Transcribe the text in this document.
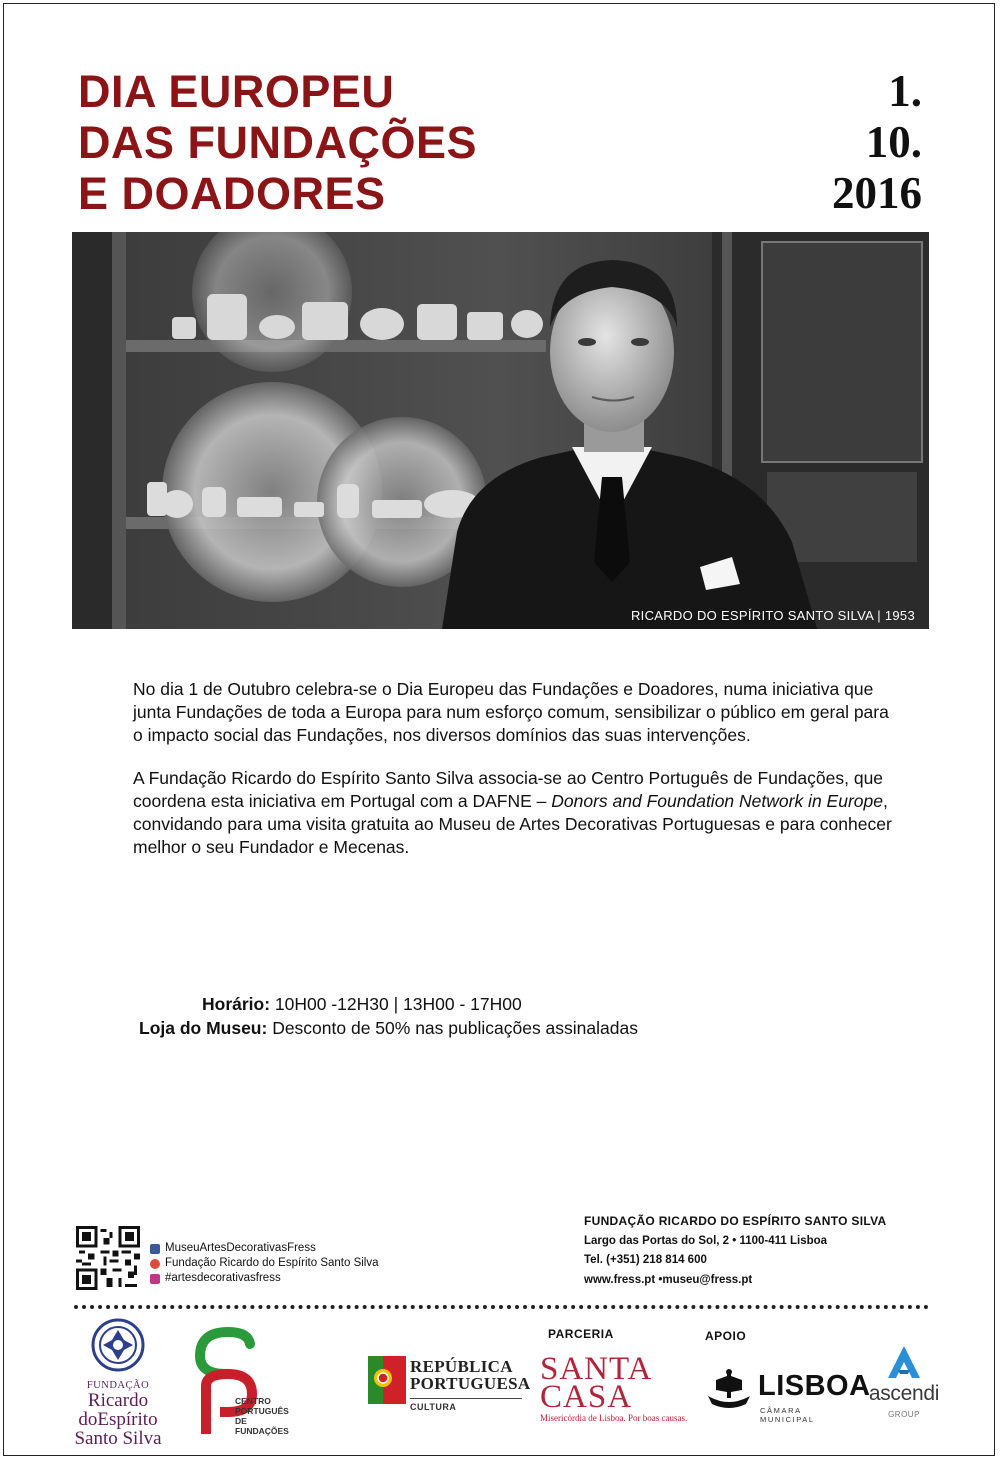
DIA EUROPEU
DAS FUNDAÇÕES
E DOADORES
1.
10.
2016
RICARDO DO ESPÍRITO SANTO SILVA | 1953

No dia 1 de Outubro celebra-se o Dia Europeu das Fundações e Doadores, numa iniciativa que junta Fundações de toda a Europa para num esforço comum, sensibilizar o público em geral para o impacto social das Fundações, nos diversos domínios das suas intervenções.

A Fundação Ricardo do Espírito Santo Silva associa-se ao Centro Português de Fundações, que coordena esta iniciativa em Portugal com a DAFNE – Donors and Foundation Network in Europe, convidando para uma visita gratuita ao Museu de Artes Decorativas Portuguesas e para conhecer melhor o seu Fundador e Mecenas.

Horário: 10H00 -12H30 | 13H00 - 17H00
Loja do Museu: Desconto de 50% nas publicações assinaladas
MuseuArtesDecorativasFress
Fundação Ricardo do Espírito Santo Silva
#artesdecorativasfress
FUNDAÇÃO RICARDO DO ESPÍRITO SANTO SILVA
Largo das Portas do Sol, 2 • 1100-411 Lisboa
Tel. (+351) 218 814 600
www.fress.pt •museu@fress.pt
PARCERIA	APOIO
FUNDAÇÃO
Ricardo
doEspírito
Santo Silva
CENTRO
PORTUGUÊS
DE FUNDAÇÕES
REPÚBLICA
PORTUGUESA
CULTURA
SANTA
CASA
Misericórdia de Lisboa. Por boas causas.
LISBOA
CÂMARA MUNICIPAL
ascendi
GROUP
